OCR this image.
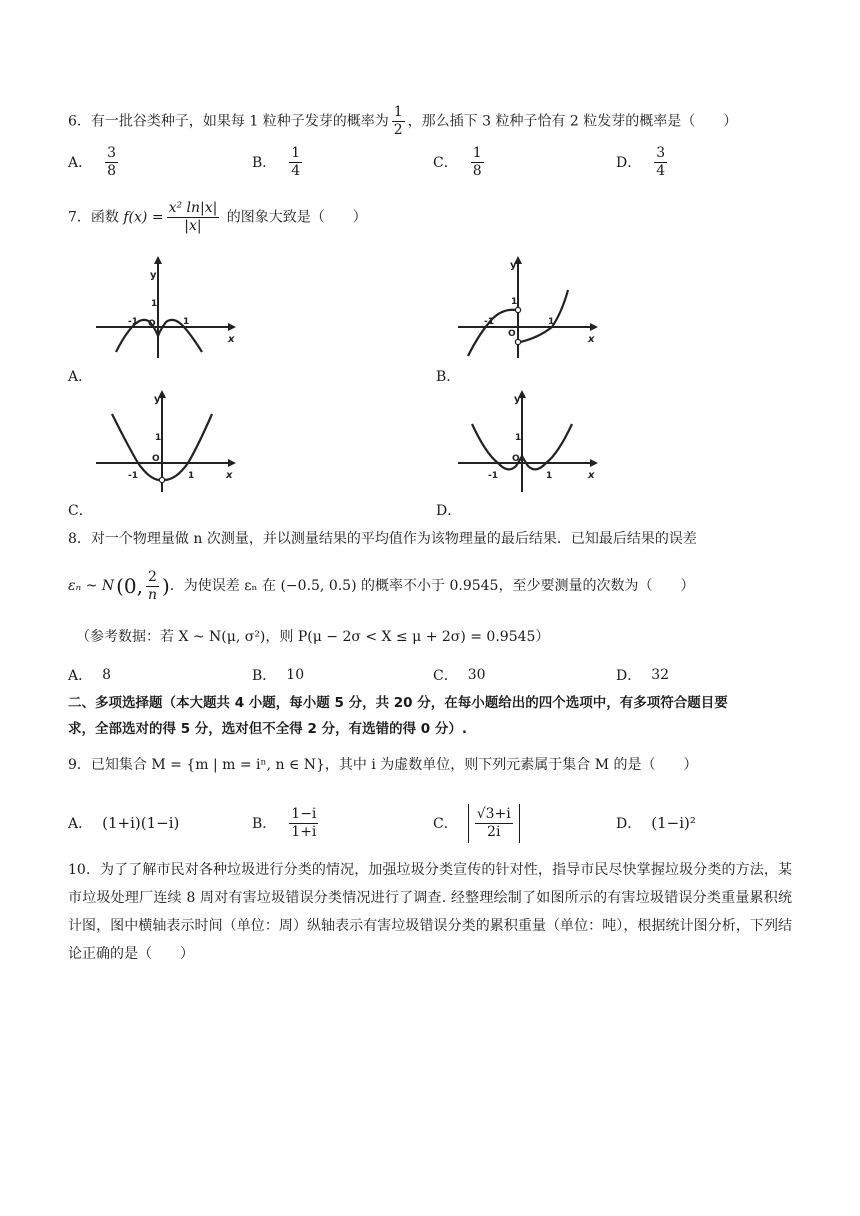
6．有一批谷类种子，如果每 1 粒种子发芽的概率为 $\frac{1}{2}$ ，那么插下 3 粒种子恰有 2 粒发芽的概率是（　　）
A． $\frac{3}{8}$	B． $\frac{1}{4}$	C． $\frac{1}{8}$	D． $\frac{3}{4}$
7．函数 $f(x) = \frac{\text{x² ln|x|}}{|x|}$ 的图象大致是（　　）
y
x
O
1
-1	1
A．
y
x
O
1
-1	1
B．
y
x
O
1
-1	1
C．
y
x
O
1
-1	1
D．
8．对一个物理量做 n 次测量，并以测量结果的平均值作为该物理量的最后结果．已知最后结果的误差
εₙ ~ N (0, $\frac{2}{n}$ ) ．为使误差 εₙ 在 (−0.5, 0.5) 的概率不小于 0.9545，至少要测量的次数为（　　）
（参考数据：若 X ~ N(μ, σ²)，则 P(μ − 2σ < X ≤ μ + 2σ) = 0.9545）
A． 8	B． 10	C． 30	D． 32
二、多项选择题（本大题共 4 小题，每小题 5 分，共 20 分，在每小题给出的四个选项中，有多项符合题目要
求，全部选对的得 5 分，选对但不全得 2 分，有选错的得 0 分）.
9．已知集合 M = {m | m = iⁿ, n ∈ N}，其中 i 为虚数单位，则下列元素属于集合 M 的是（　　）
A． (1+i)(1−i)	B． $\frac{1-i}{1+i}$	C． $\frac{√3+i}{2i}$	D． (1−i)²
10．为了了解市民对各种垃圾进行分类的情况，加强垃圾分类宣传的针对性，指导市民尽快掌握垃圾分类的方法，某市垃圾处理厂连续 8 周对有害垃圾错误分类情况进行了调查. 经整理绘制了如图所示的有害垃圾错误分类重量累积统计图，图中横轴表示时间（单位：周）纵轴表示有害垃圾错误分类的累积重量（单位：吨），根据统计图分析，下列结论正确的是（　　）
